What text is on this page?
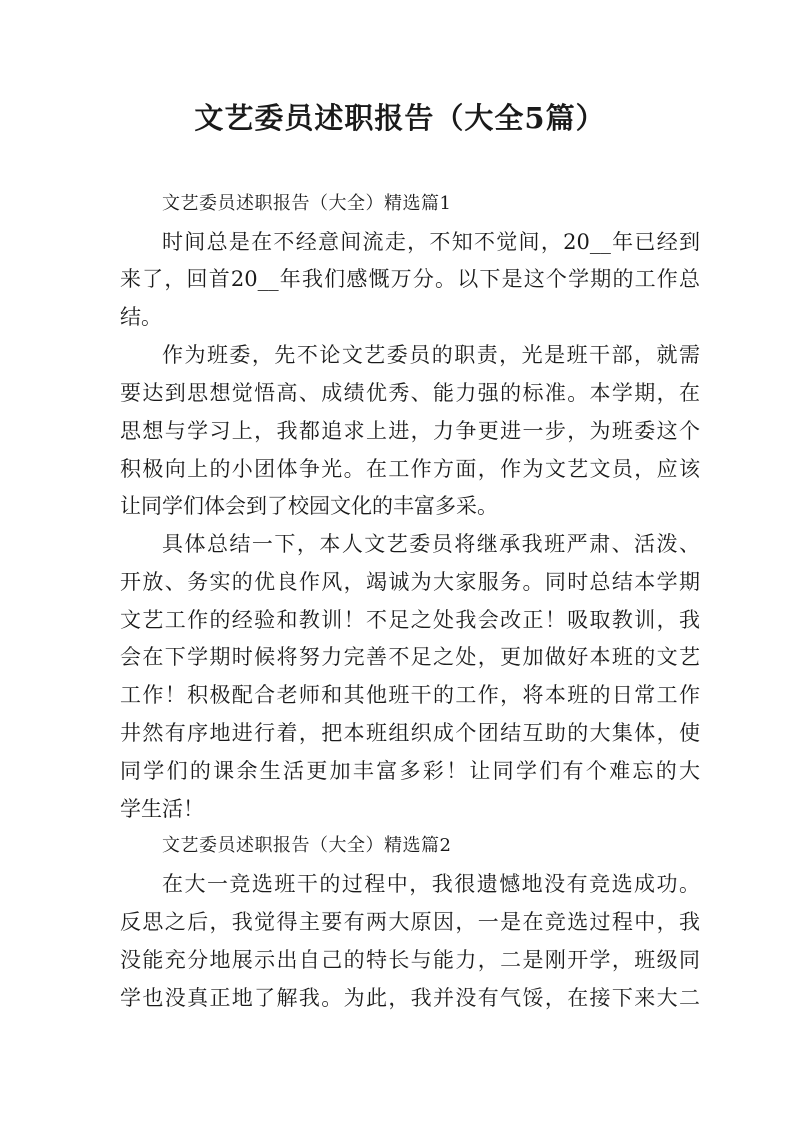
文艺委员述职报告（大全5篇）

文艺委员述职报告（大全）精选篇1

时间总是在不经意间流走，不知不觉间，20__年已经到

来了，回首20__年我们感慨万分。以下是这个学期的工作总

结。

作为班委，先不论文艺委员的职责，光是班干部，就需

要达到思想觉悟高、成绩优秀、能力强的标准。本学期，在

思想与学习上，我都追求上进，力争更进一步，为班委这个

积极向上的小团体争光。在工作方面，作为文艺文员，应该

让同学们体会到了校园文化的丰富多采。

具体总结一下，本人文艺委员将继承我班严肃、活泼、

开放、务实的优良作风，竭诚为大家服务。同时总结本学期

文艺工作的经验和教训！不足之处我会改正！吸取教训，我

会在下学期时候将努力完善不足之处，更加做好本班的文艺

工作！积极配合老师和其他班干的工作，将本班的日常工作

井然有序地进行着，把本班组织成个团结互助的大集体，使

同学们的课余生活更加丰富多彩！让同学们有个难忘的大

学生活！

文艺委员述职报告（大全）精选篇2

在大一竞选班干的过程中，我很遗憾地没有竞选成功。

反思之后，我觉得主要有两大原因，一是在竞选过程中，我

没能充分地展示出自己的特长与能力，二是刚开学，班级同

学也没真正地了解我。为此，我并没有气馁，在接下来大二
